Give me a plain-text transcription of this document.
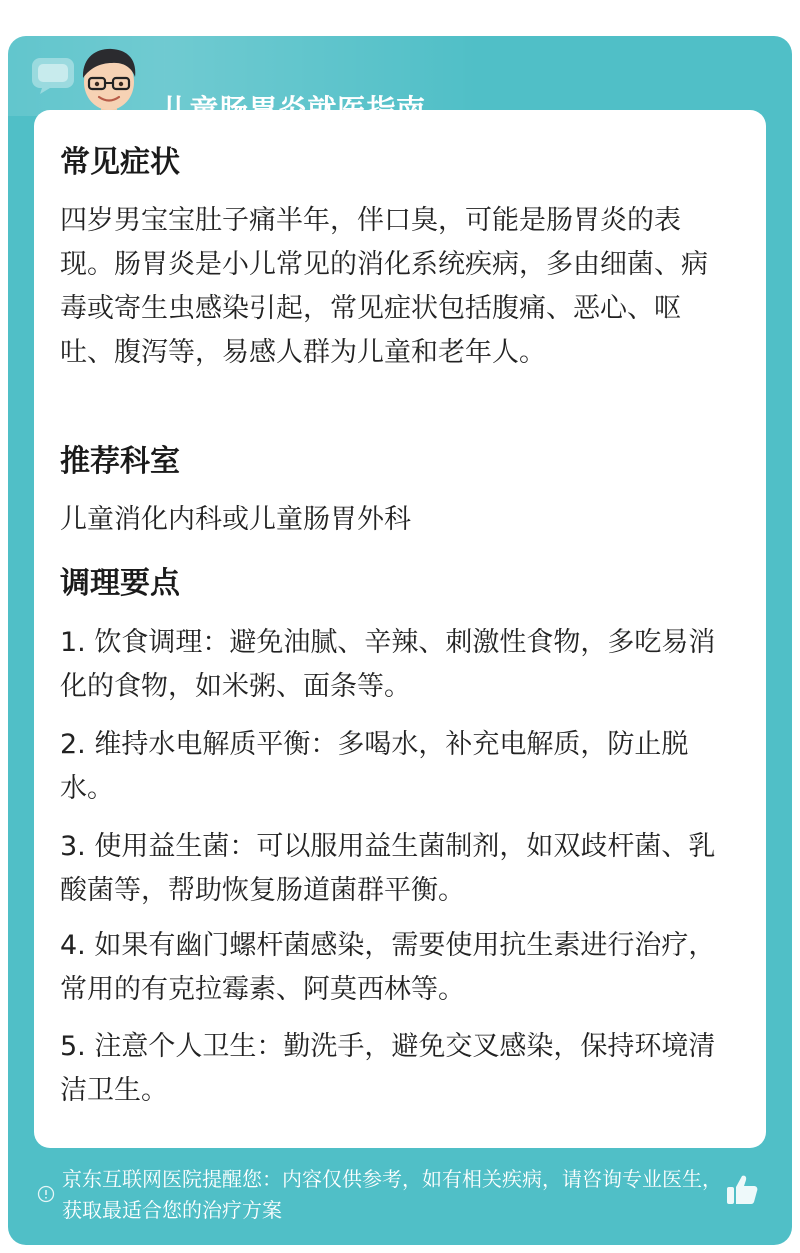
常见症状
四岁男宝宝肚子痛半年，伴口臭，可能是肠胃炎的表现。肠胃炎是小儿常见的消化系统疾病，多由细菌、病毒或寄生虫感染引起，常见症状包括腹痛、恶心、呕吐、腹泻等，易感人群为儿童和老年人。
推荐科室
儿童消化内科或儿童肠胃外科
调理要点
1. 饮食调理：避免油腻、辛辣、刺激性食物，多吃易消化的食物，如米粥、面条等。
2. 维持水电解质平衡：多喝水，补充电解质，防止脱水。
3. 使用益生菌：可以服用益生菌制剂，如双歧杆菌、乳酸菌等，帮助恢复肠道菌群平衡。
4. 如果有幽门螺杆菌感染，需要使用抗生素进行治疗，常用的有克拉霉素、阿莫西林等。
5. 注意个人卫生：勤洗手，避免交叉感染，保持环境清洁卫生。
京东互联网医院提醒您：内容仅供参考，如有相关疾病，请咨询专业医生，获取最适合您的治疗方案
